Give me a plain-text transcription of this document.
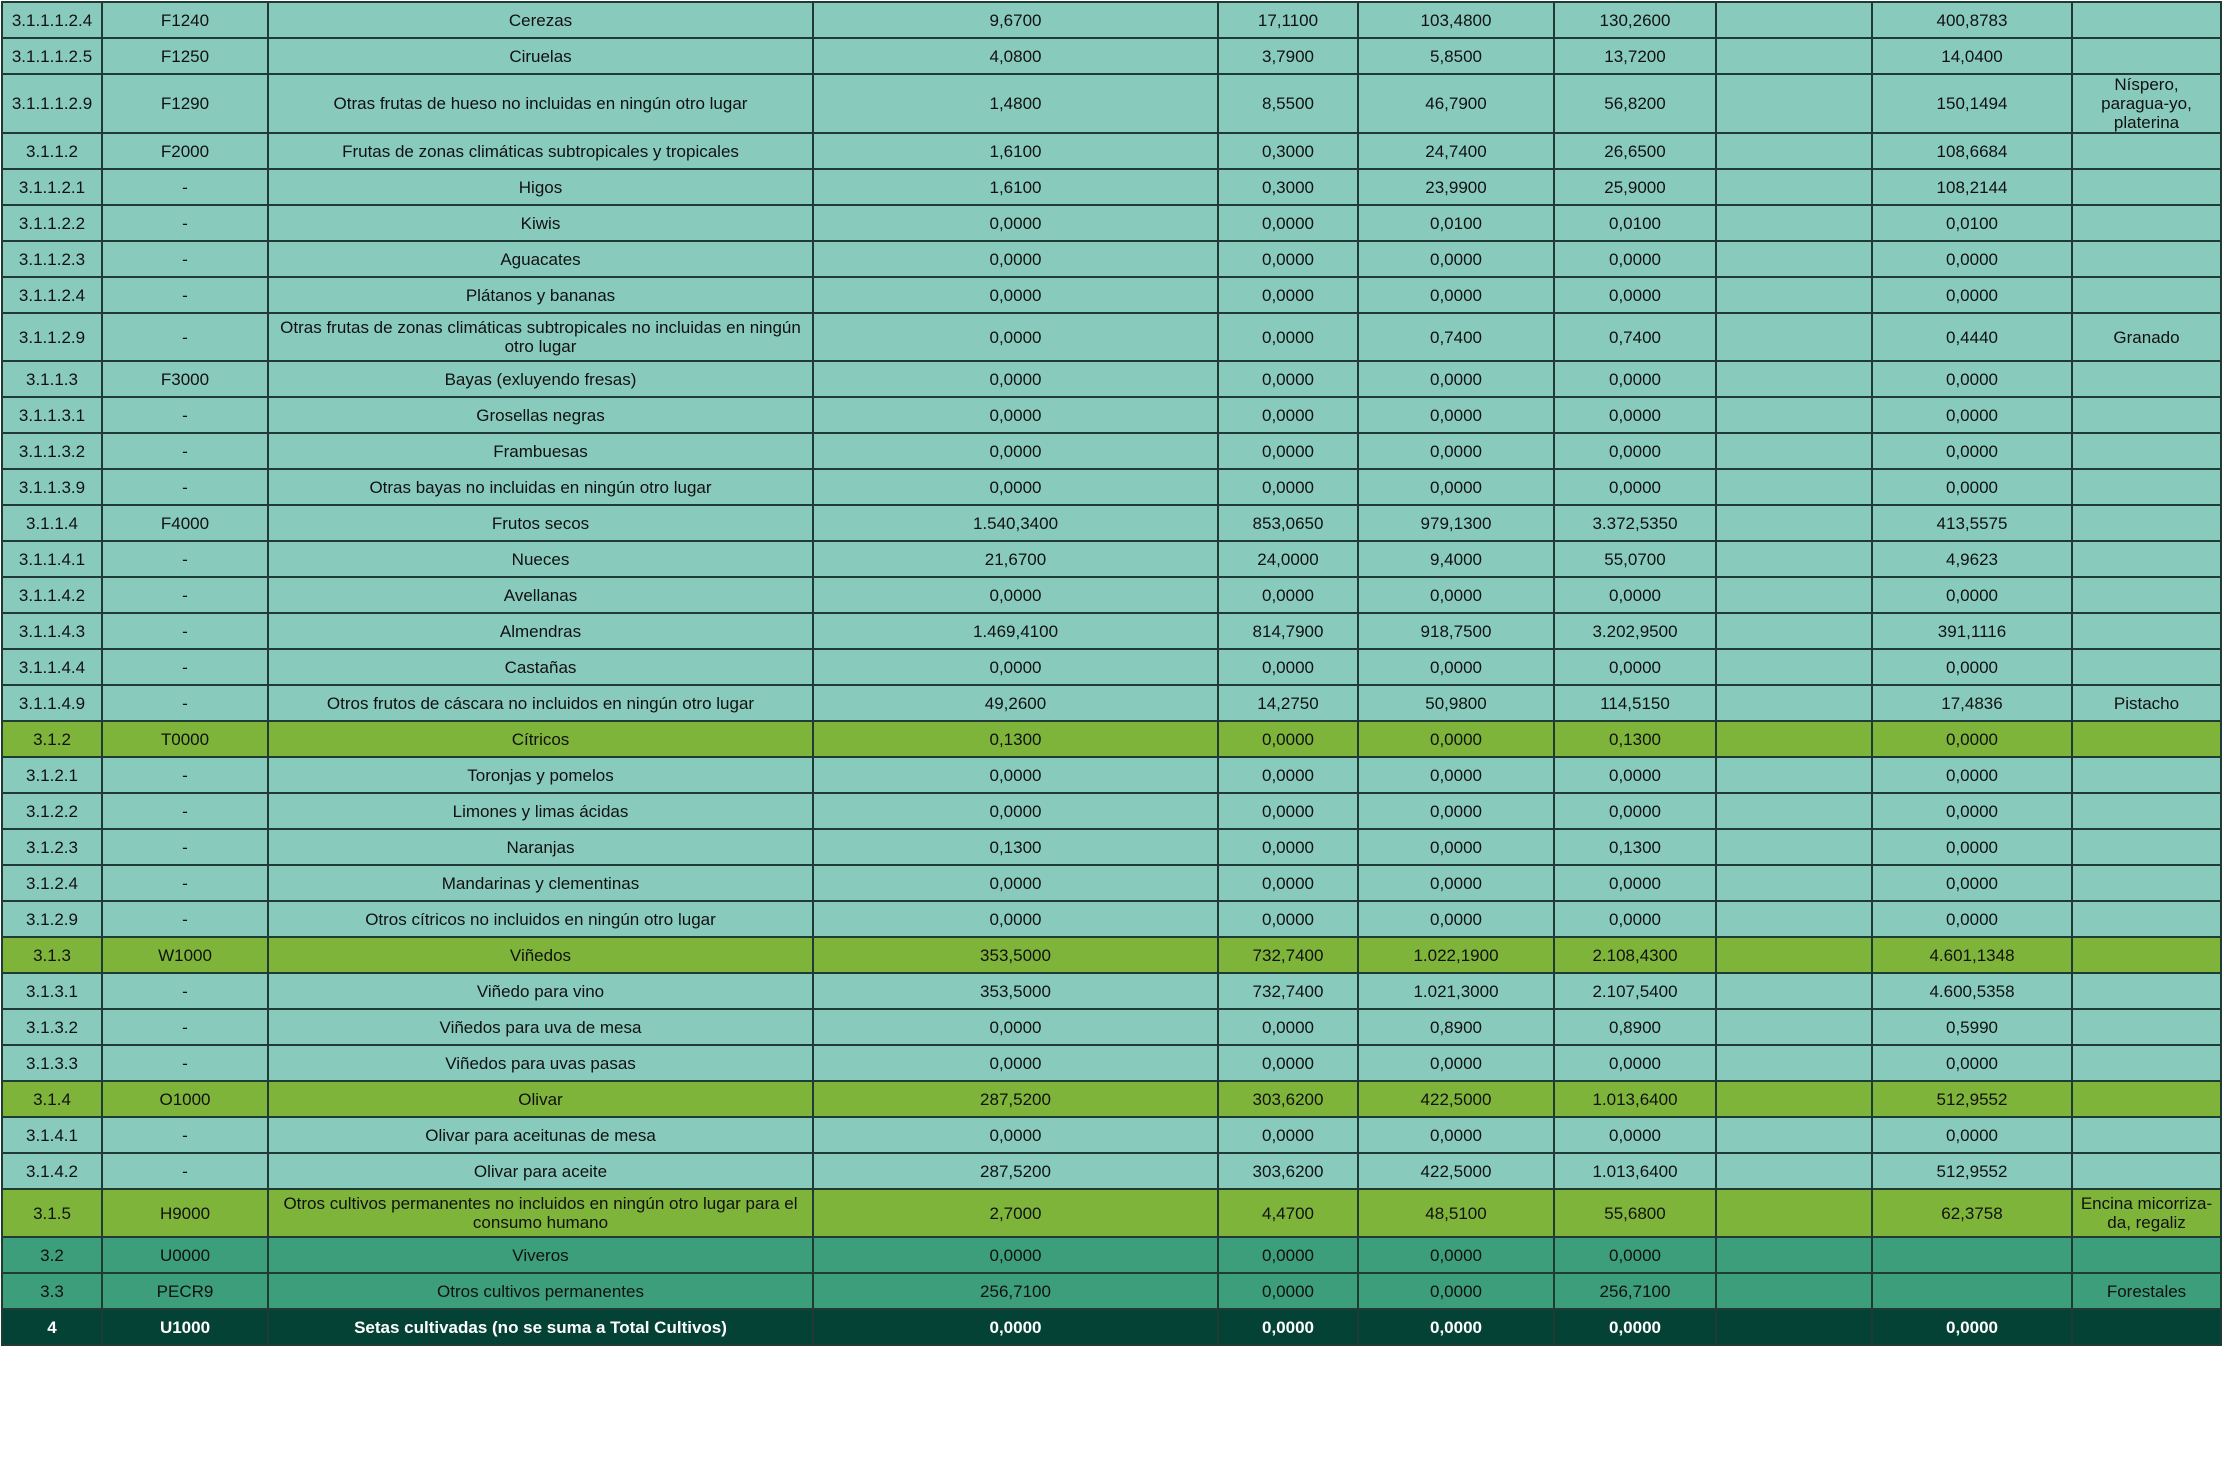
3.1.1.1.2.4	F1240	Cerezas	9,6700	17,1100	103,4800	130,2600		400,8783	
3.1.1.1.2.5	F1250	Ciruelas	4,0800	3,7900	5,8500	13,7200		14,0400	
3.1.1.1.2.9	F1290	Otras frutas de hueso no incluidas en ningún otro lugar	1,4800	8,5500	46,7900	56,8200		150,1494	Níspero, paragua-yo, platerina
3.1.1.2	F2000	Frutas de zonas climáticas subtropicales y tropicales	1,6100	0,3000	24,7400	26,6500		108,6684	
3.1.1.2.1	-	Higos	1,6100	0,3000	23,9900	25,9000		108,2144	
3.1.1.2.2	-	Kiwis	0,0000	0,0000	0,0100	0,0100		0,0100	
3.1.1.2.3	-	Aguacates	0,0000	0,0000	0,0000	0,0000		0,0000	
3.1.1.2.4	-	Plátanos y bananas	0,0000	0,0000	0,0000	0,0000		0,0000	
3.1.1.2.9	-	Otras frutas de zonas climáticas subtropicales no incluidas en ningún otro lugar	0,0000	0,0000	0,7400	0,7400		0,4440	Granado
3.1.1.3	F3000	Bayas (exluyendo fresas)	0,0000	0,0000	0,0000	0,0000		0,0000	
3.1.1.3.1	-	Grosellas negras	0,0000	0,0000	0,0000	0,0000		0,0000	
3.1.1.3.2	-	Frambuesas	0,0000	0,0000	0,0000	0,0000		0,0000	
3.1.1.3.9	-	Otras bayas no incluidas en ningún otro lugar	0,0000	0,0000	0,0000	0,0000		0,0000	
3.1.1.4	F4000	Frutos secos	1.540,3400	853,0650	979,1300	3.372,5350		413,5575	
3.1.1.4.1	-	Nueces	21,6700	24,0000	9,4000	55,0700		4,9623	
3.1.1.4.2	-	Avellanas	0,0000	0,0000	0,0000	0,0000		0,0000	
3.1.1.4.3	-	Almendras	1.469,4100	814,7900	918,7500	3.202,9500		391,1116	
3.1.1.4.4	-	Castañas	0,0000	0,0000	0,0000	0,0000		0,0000	
3.1.1.4.9	-	Otros frutos de cáscara no incluidos en ningún otro lugar	49,2600	14,2750	50,9800	114,5150		17,4836	Pistacho
3.1.2	T0000	Cítricos	0,1300	0,0000	0,0000	0,1300		0,0000	
3.1.2.1	-	Toronjas y pomelos	0,0000	0,0000	0,0000	0,0000		0,0000	
3.1.2.2	-	Limones y limas ácidas	0,0000	0,0000	0,0000	0,0000		0,0000	
3.1.2.3	-	Naranjas	0,1300	0,0000	0,0000	0,1300		0,0000	
3.1.2.4	-	Mandarinas y clementinas	0,0000	0,0000	0,0000	0,0000		0,0000	
3.1.2.9	-	Otros cítricos no incluidos en ningún otro lugar	0,0000	0,0000	0,0000	0,0000		0,0000	
3.1.3	W1000	Viñedos	353,5000	732,7400	1.022,1900	2.108,4300		4.601,1348	
3.1.3.1	-	Viñedo para vino	353,5000	732,7400	1.021,3000	2.107,5400		4.600,5358	
3.1.3.2	-	Viñedos para uva de mesa	0,0000	0,0000	0,8900	0,8900		0,5990	
3.1.3.3	-	Viñedos para uvas pasas	0,0000	0,0000	0,0000	0,0000		0,0000	
3.1.4	O1000	Olivar	287,5200	303,6200	422,5000	1.013,6400		512,9552	
3.1.4.1	-	Olivar para aceitunas de mesa	0,0000	0,0000	0,0000	0,0000		0,0000	
3.1.4.2	-	Olivar para aceite	287,5200	303,6200	422,5000	1.013,6400		512,9552	
3.1.5	H9000	Otros cultivos permanentes no incluidos en ningún otro lugar para el consumo humano	2,7000	4,4700	48,5100	55,6800		62,3758	Encina micorriza-da, regaliz
3.2	U0000	Viveros	0,0000	0,0000	0,0000	0,0000			
3.3	PECR9	Otros cultivos permanentes	256,7100	0,0000	0,0000	256,7100			Forestales
4	U1000	Setas cultivadas (no se suma a Total Cultivos)	0,0000	0,0000	0,0000	0,0000		0,0000	
